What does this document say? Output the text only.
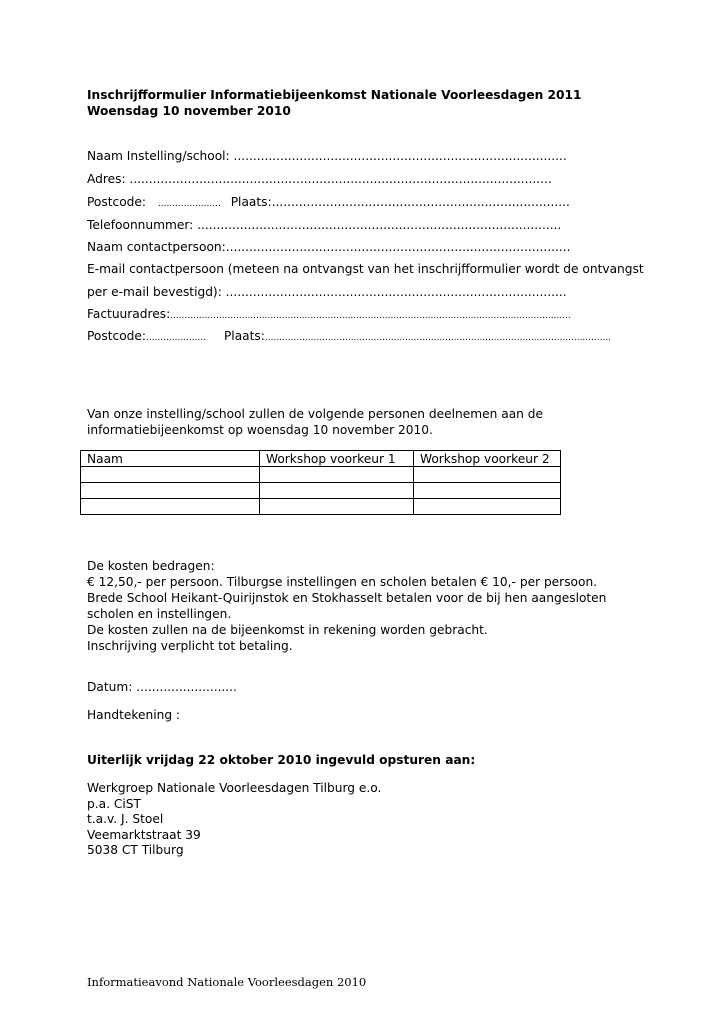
Inschrijfformulier Informatiebijeenkomst Nationale Voorleesdagen 2011
Woensdag 10 november 2010
Naam Instelling/school: ......................................................................................
Adres: .............................................................................................................
Postcode: ...................... Plaats:.............................................................................
Telefoonnummer: ..............................................................................................
Naam contactpersoon:.........................................................................................
E-mail contactpersoon (meteen na ontvangst van het inschrijfformulier wordt de ontvangst
per e-mail bevestigd): ........................................................................................
Factuuradres:............................................................................................................................................
Postcode:..................... Plaats:.........................................................................................................................
Van onze instelling/school zullen de volgende personen deelnemen aan de
informatiebijeenkomst op woensdag 10 november 2010.
Naam	Workshop voorkeur 1	Workshop voorkeur 2

De kosten bedragen:
€ 12,50,- per persoon. Tilburgse instellingen en scholen betalen € 10,- per persoon.
Brede School Heikant-Quirijnstok en Stokhasselt betalen voor de bij hen aangesloten
scholen en instellingen.
De kosten zullen na de bijeenkomst in rekening worden gebracht.
Inschrijving verplicht tot betaling.
Datum: ..........................
Handtekening :
Uiterlijk vrijdag 22 oktober 2010 ingevuld opsturen aan:
Werkgroep Nationale Voorleesdagen Tilburg e.o.
p.a. CiST
t.a.v. J. Stoel
Veemarktstraat 39
5038 CT Tilburg
Informatieavond Nationale Voorleesdagen 2010
